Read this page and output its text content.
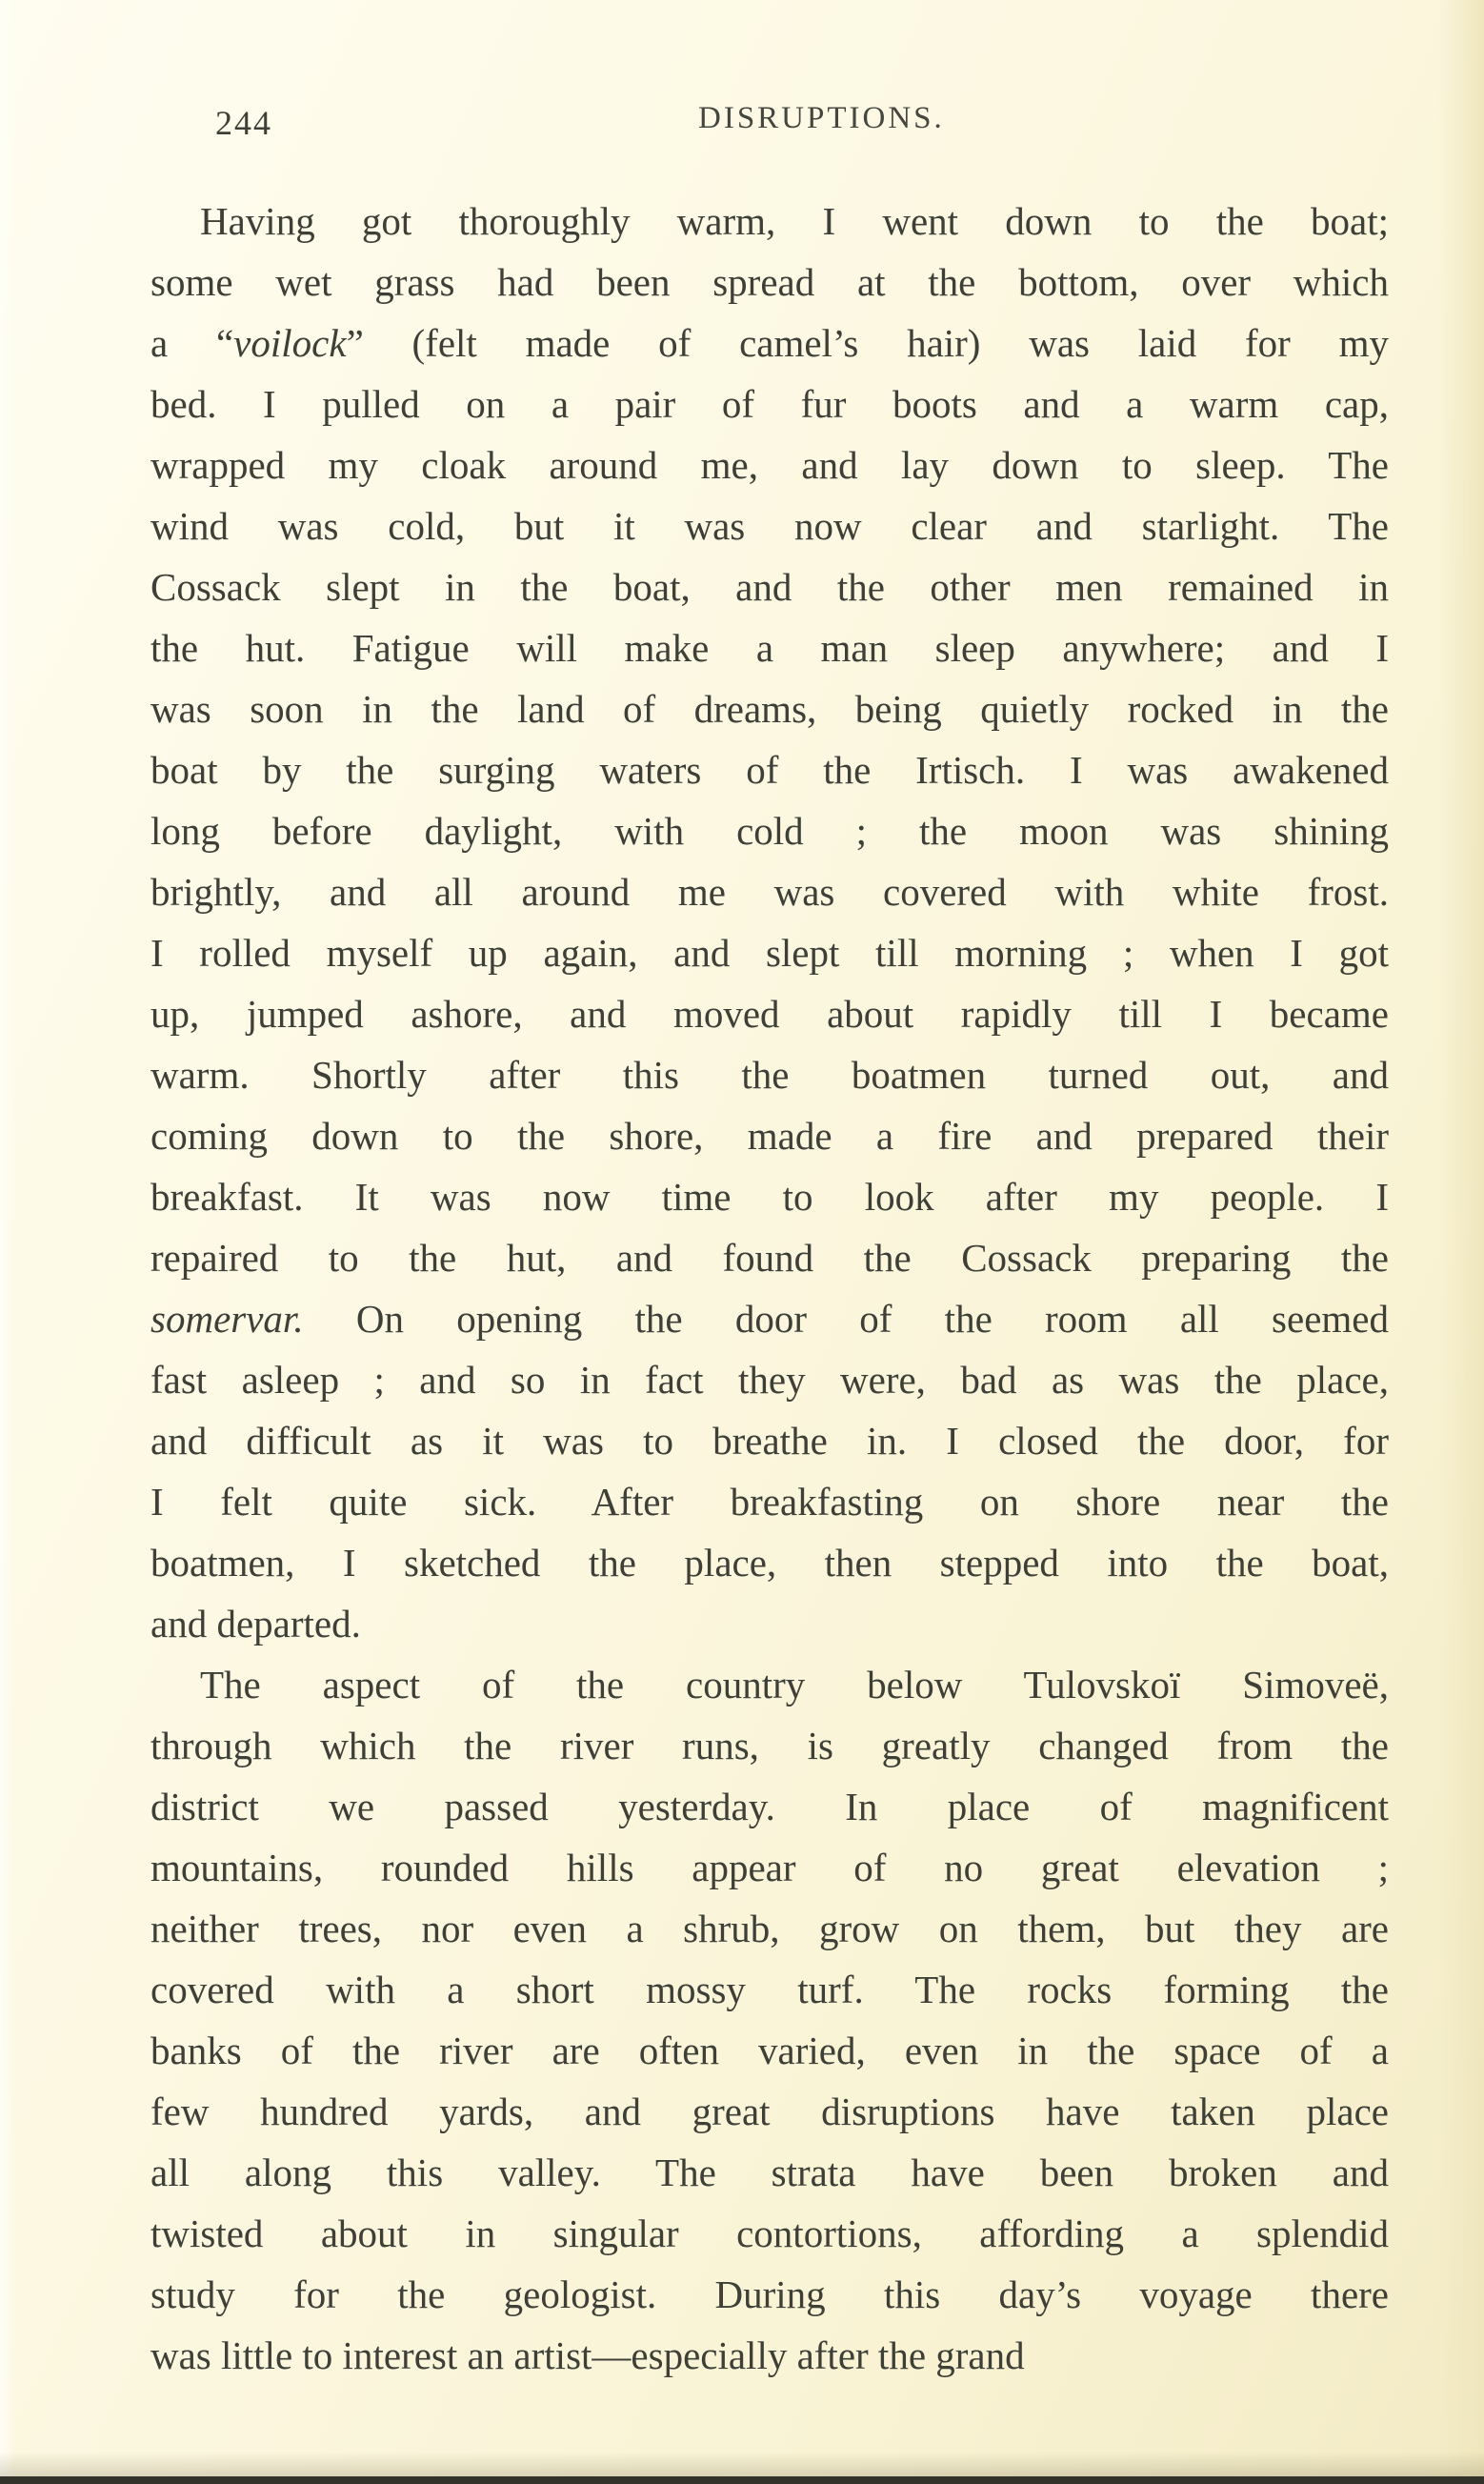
244	DISRUPTIONS.
Having got thoroughly warm, I went down to the boat;
some wet grass had been spread at the bottom, over which
a “voilock” (felt made of camel’s hair) was laid for my
bed. I pulled on a pair of fur boots and a warm cap,
wrapped my cloak around me, and lay down to sleep. The
wind was cold, but it was now clear and starlight. The
Cossack slept in the boat, and the other men remained in
the hut. Fatigue will make a man sleep anywhere; and I
was soon in the land of dreams, being quietly rocked in the
boat by the surging waters of the Irtisch. I was awakened
long before daylight, with cold ; the moon was shining
brightly, and all around me was covered with white frost.
I rolled myself up again, and slept till morning ; when I got
up, jumped ashore, and moved about rapidly till I became
warm. Shortly after this the boatmen turned out, and
coming down to the shore, made a fire and prepared their
breakfast. It was now time to look after my people. I
repaired to the hut, and found the Cossack preparing the
somervar. On opening the door of the room all seemed
fast asleep ; and so in fact they were, bad as was the place,
and difficult as it was to breathe in. I closed the door, for
I felt quite sick. After breakfasting on shore near the
boatmen, I sketched the place, then stepped into the boat,
and departed.
The aspect of the country below Tulovskoï Simoveë,
through which the river runs, is greatly changed from the
district we passed yesterday. In place of magnificent
mountains, rounded hills appear of no great elevation ;
neither trees, nor even a shrub, grow on them, but they are
covered with a short mossy turf. The rocks forming the
banks of the river are often varied, even in the space of a
few hundred yards, and great disruptions have taken place
all along this valley. The strata have been broken and
twisted about in singular contortions, affording a splendid
study for the geologist. During this day’s voyage there
was little to interest an artist—especially after the grand
